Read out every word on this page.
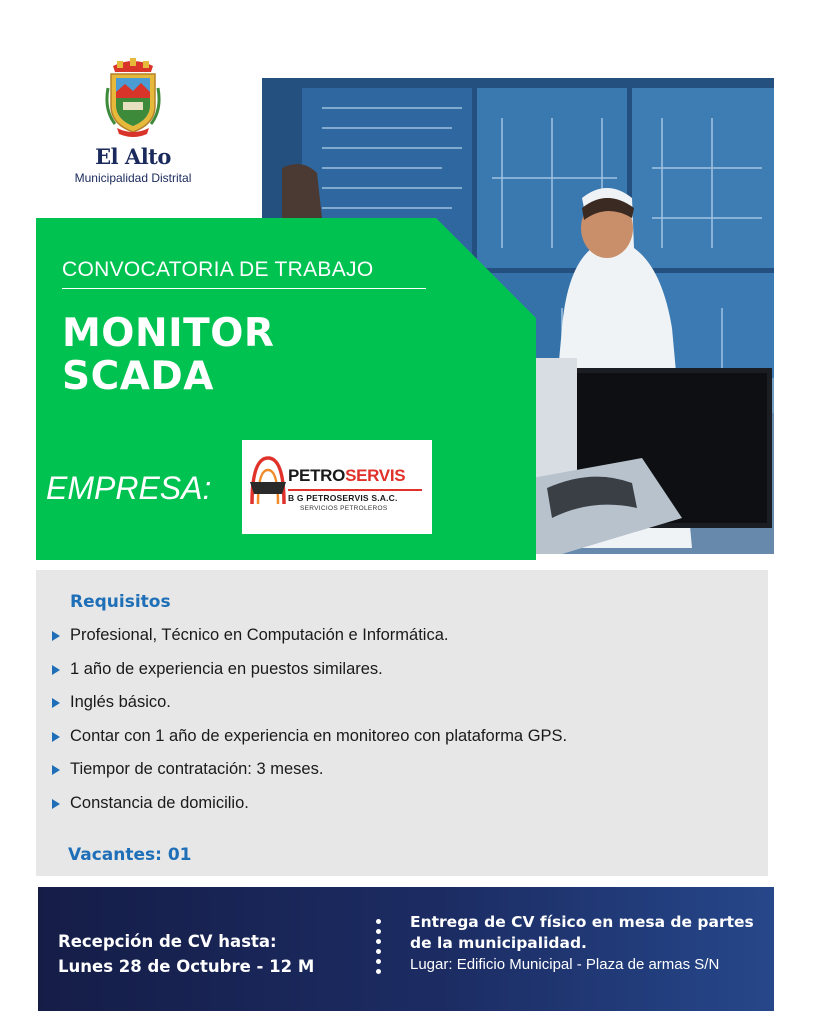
El Alto
Municipalidad Distrital
CONVOCATORIA DE TRABAJO
MONITOR
SCADA
EMPRESA:	PETROSERVIS
B G PETROSERVIS S.A.C.
SERVICIOS PETROLEROS
Requisitos
Profesional, Técnico en Computación e Informática.
1 año de experiencia en puestos similares.
Inglés básico.
Contar con 1 año de experiencia en monitoreo con plataforma GPS.
Tiempor de contratación: 3 meses.
Constancia de domicilio.
Vacantes: 01
Recepción de CV hasta:
Lunes 28 de Octubre - 12 M
Entrega de CV físico en mesa de partes de la municipalidad.
Lugar: Edificio Municipal - Plaza de armas S/N
